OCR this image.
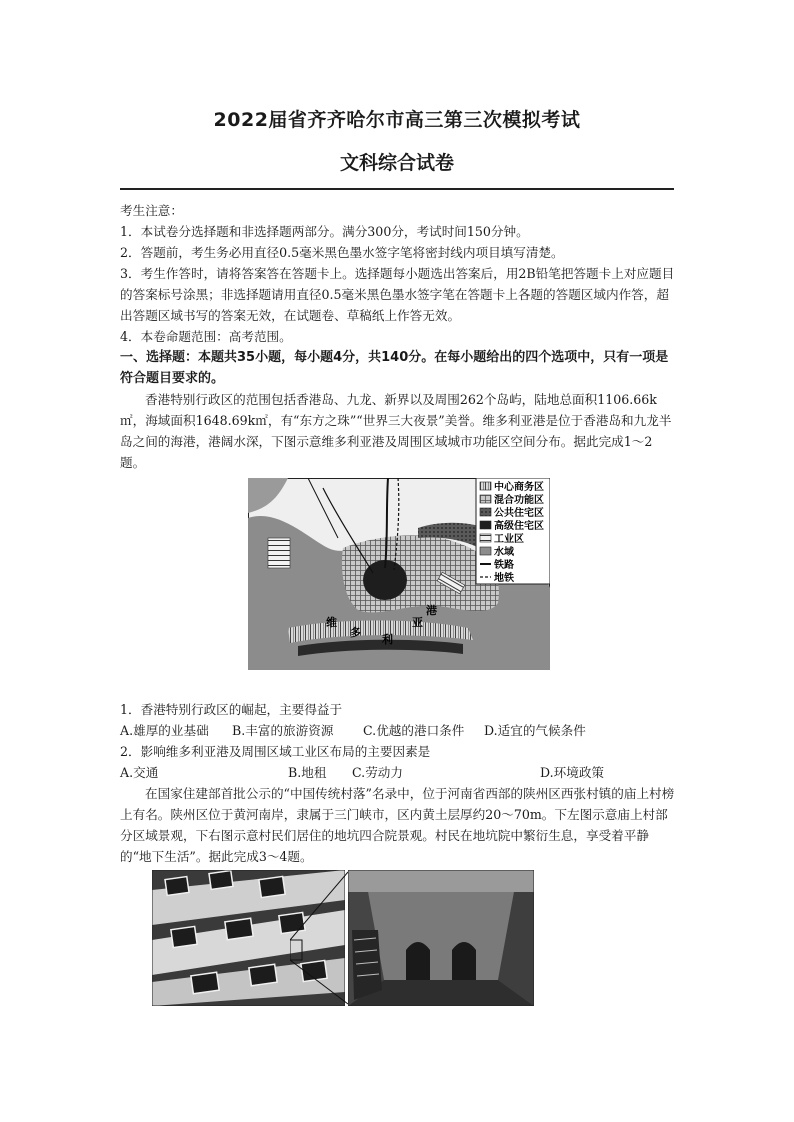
2022届省齐齐哈尔市高三第三次模拟考试
文科综合试卷

考生注意：

1．本试卷分选择题和非选择题两部分。满分300分，考试时间150分钟。

2．答题前，考生务必用直径0.5毫米黑色墨水签字笔将密封线内项目填写清楚。

3．考生作答时，请将答案答在答题卡上。选择题每小题选出答案后，用2B铅笔把答题卡上对应题目的答案标号涂黑；非选择题请用直径0.5毫米黑色墨水签字笔在答题卡上各题的答题区域内作答，超出答题区域书写的答案无效，在试题卷、草稿纸上作答无效。

4．本卷命题范围：高考范围。

一、选择题：本题共35小题，每小题4分，共140分。在每小题给出的四个选项中，只有一项是符合题目要求的。

香港特别行政区的范围包括香港岛、九龙、新界以及周围262个岛屿，陆地总面积1106.66k㎡，海域面积1648.69k㎡，有“东方之珠”“世界三大夜景”美誉。维多利亚港是位于香港岛和九龙半岛之间的海港，港阔水深，下图示意维多利亚港及周围区域城市功能区空间分布。据此完成1～2题。

维
多
利
亚
港
中心商务区
混合功能区
公共住宅区
高级住宅区
工业区
水域
铁路
地铁

1．香港特别行政区的崛起，主要得益于

A.雄厚的业基础 B.丰富的旅游资源 C.优越的港口条件 D.适宜的气候条件

2．影响维多利亚港及周围区域工业区布局的主要因素是

A.交通	B.地租 C.劳动力	D.环境政策

在国家住建部首批公示的“中国传统村落”名录中，位于河南省西部的陕州区西张村镇的庙上村榜上有名。陕州区位于黄河南岸，隶属于三门峡市，区内黄土层厚约20～70m。下左图示意庙上村部分区域景观，下右图示意村民们居住的地坑四合院景观。村民在地坑院中繁衍生息，享受着平静的“地下生活”。据此完成3～4题。
